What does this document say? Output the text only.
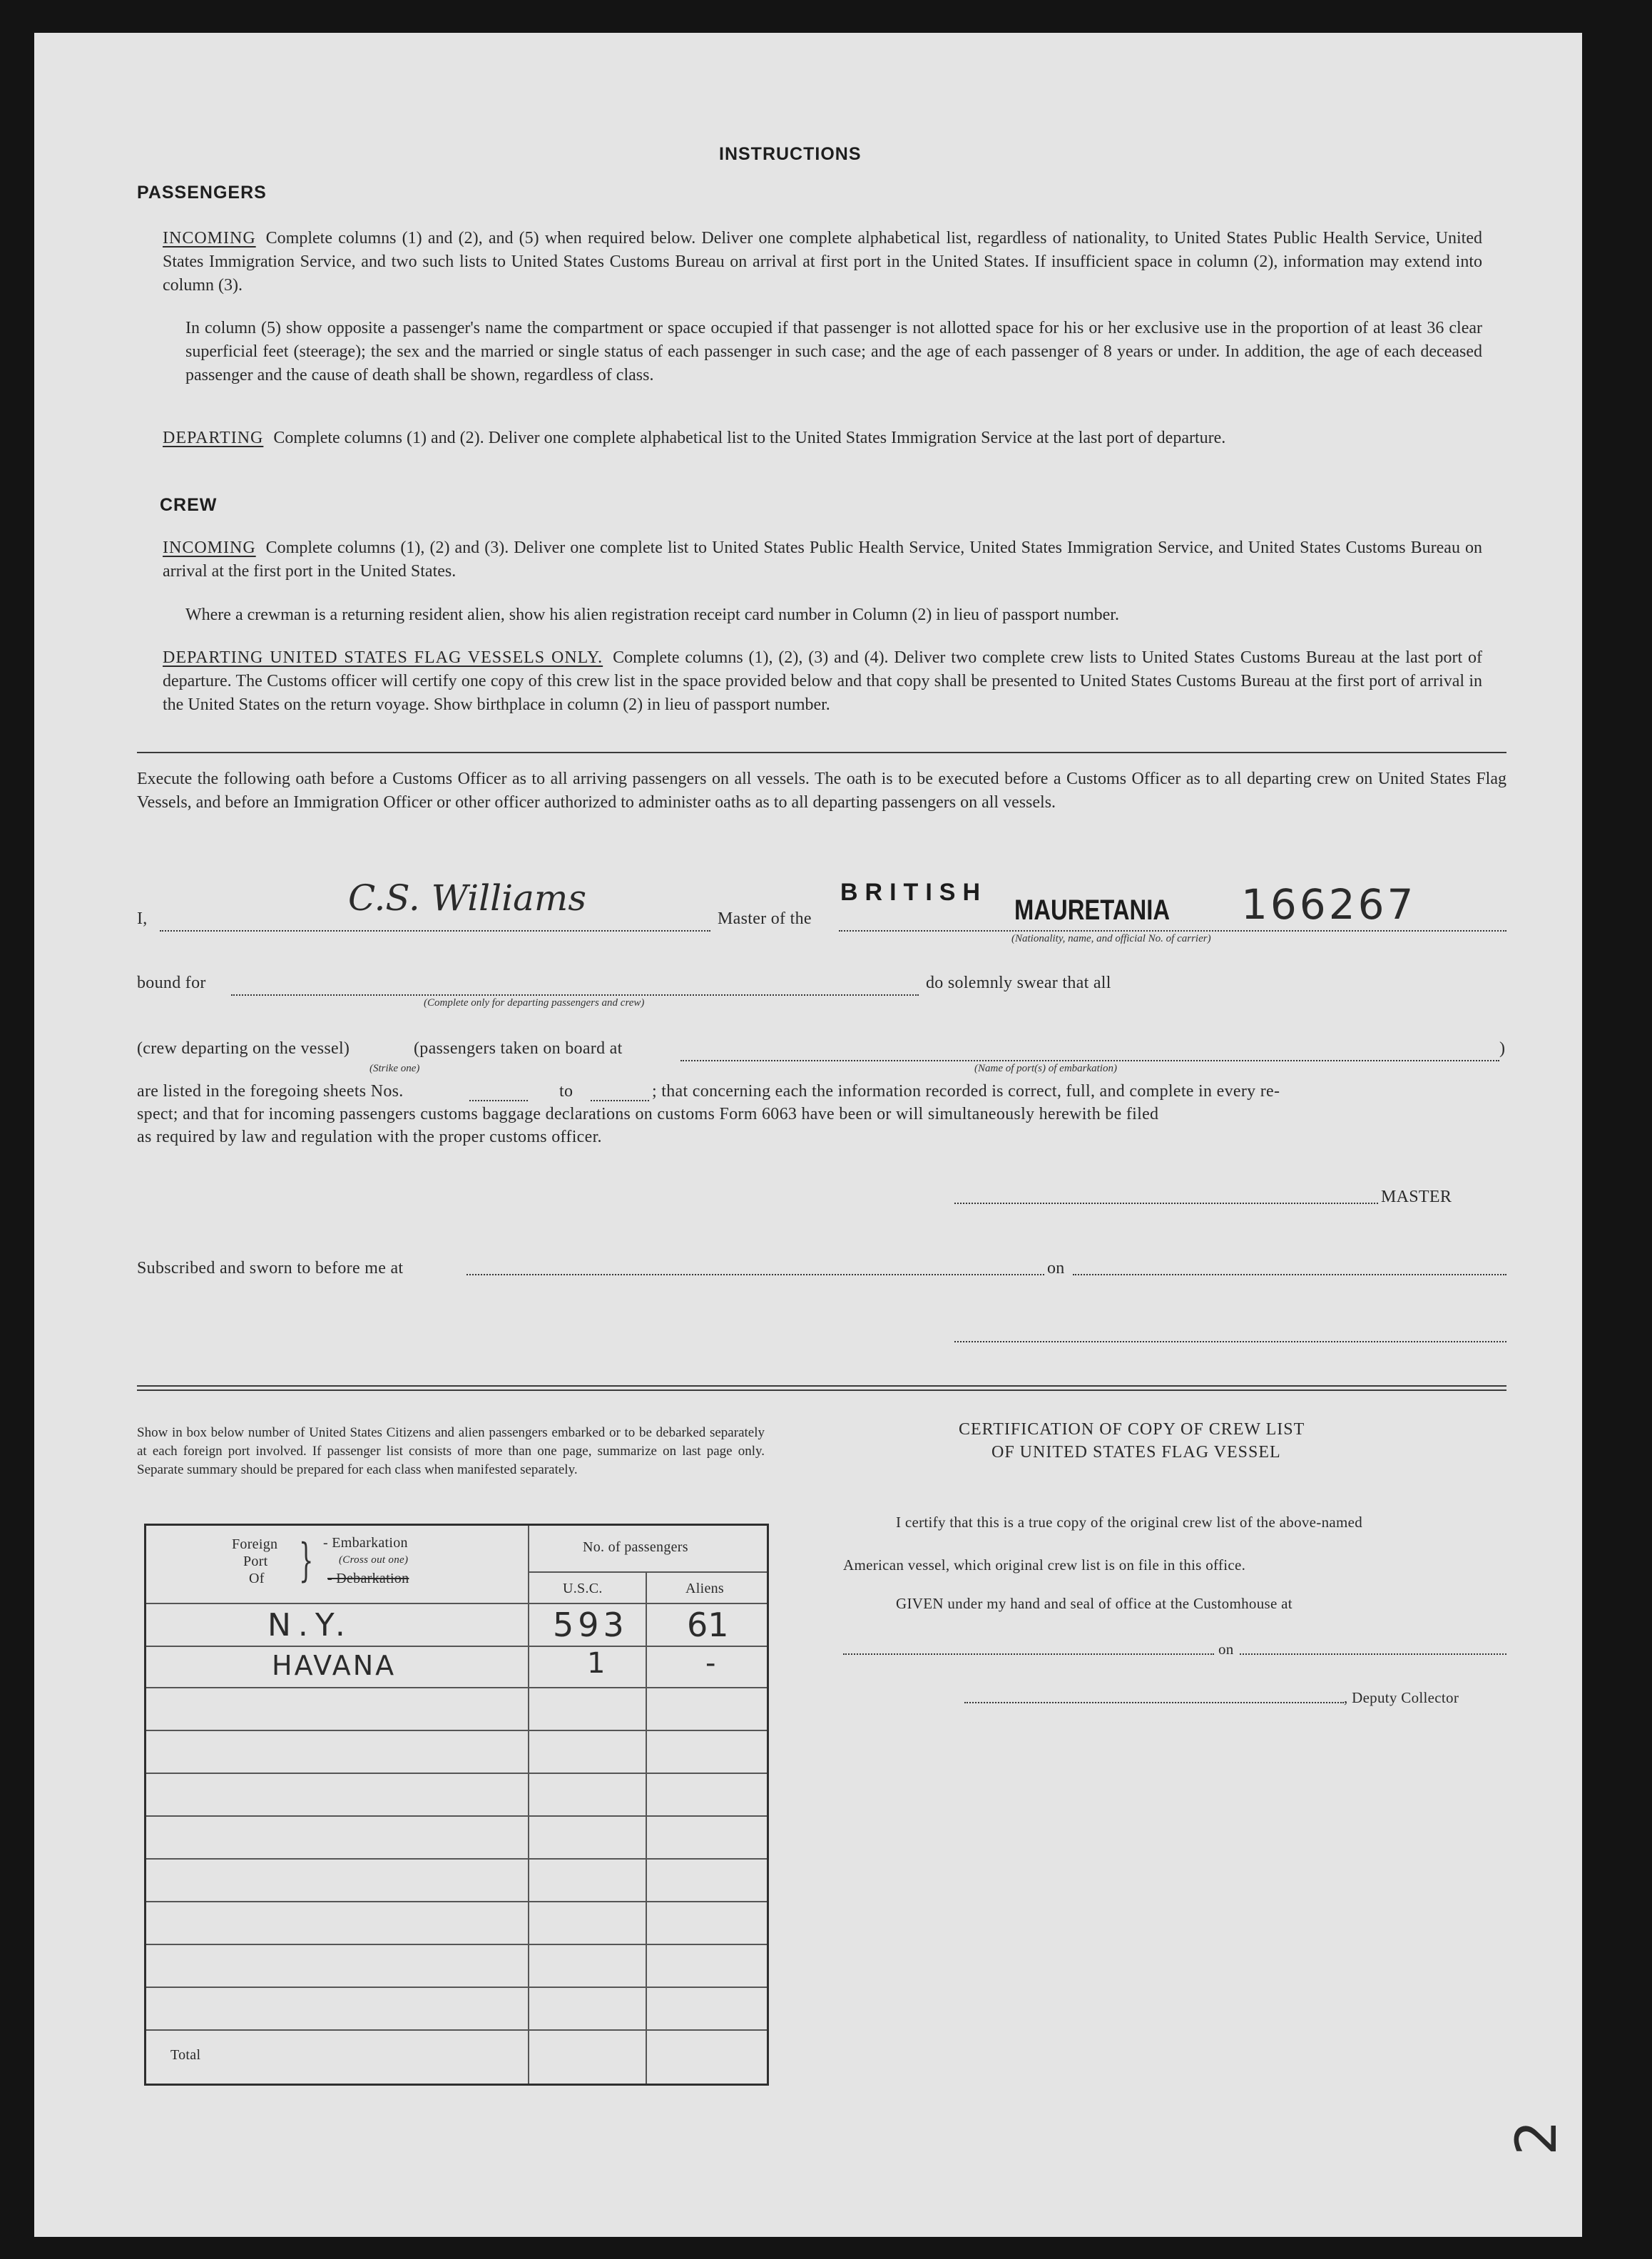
INSTRUCTIONS
PASSENGERS
INCOMING Complete columns (1) and (2), and (5) when required below. Deliver one complete alphabetical list, regardless of nationality, to United States Public Health Service, United States Immigration Service, and two such lists to United States Customs Bureau on arrival at first port in the United States. If insufficient space in column (2), information may extend into column (3).
In column (5) show opposite a passenger's name the compartment or space occupied if that passenger is not allotted space for his or her exclusive use in the proportion of at least 36 clear superficial feet (steerage); the sex and the married or single status of each passenger in such case; and the age of each passenger of 8 years or under. In addition, the age of each deceased passenger and the cause of death shall be shown, regardless of class.
DEPARTING Complete columns (1) and (2). Deliver one complete alphabetical list to the United States Immigration Service at the last port of departure.
CREW
INCOMING Complete columns (1), (2) and (3). Deliver one complete list to United States Public Health Service, United States Immigration Service, and United States Customs Bureau on arrival at the first port in the United States.
Where a crewman is a returning resident alien, show his alien registration receipt card number in Column (2) in lieu of passport number.
DEPARTING UNITED STATES FLAG VESSELS ONLY. Complete columns (1), (2), (3) and (4). Deliver two complete crew lists to United States Customs Bureau at the last port of departure. The Customs officer will certify one copy of this crew list in the space provided below and that copy shall be presented to United States Customs Bureau at the first port of arrival in the United States on the return voyage. Show birthplace in column (2) in lieu of passport number.
Execute the following oath before a Customs Officer as to all arriving passengers on all vessels. The oath is to be executed before a Customs Officer as to all departing crew on United States Flag Vessels, and before an Immigration Officer or other officer authorized to administer oaths as to all departing passengers on all vessels.
I,	C.S. Williams	Master of the
BRITISH
MAURETANIA 166267
(Nationality, name, and official No. of carrier)
bound for
(Complete only for departing passengers and crew)
do solemnly swear that all
(crew departing on the vessel)	(passengers taken on board at	)
(Strike one)	(Name of port(s) of embarkation)
are listed in the foregoing sheets Nos.	to	; that concerning each the information recorded is correct, full, and complete in every re-
spect; and that for incoming passengers customs baggage declarations on customs Form 6063 have been or will simultaneously herewith be filed
as required by law and regulation with the proper customs officer.
MASTER
Subscribed and sworn to before me at	on
Show in box below number of United States Citizens and alien passengers embarked or to be debarked separately at each foreign port involved. If passenger list consists of more than one page, summarize on last page only. Separate summary should be prepared for each class when manifested separately.
Foreign
Port
Of } - Embarkation
(Cross out one)
- Debarkation
No. of passengers
U.S.C.	Aliens
N.Y.	593 61
HAVANA	1	-
Total
CERTIFICATION OF COPY OF CREW LIST
OF UNITED STATES FLAG VESSEL
I certify that this is a true copy of the original crew list of the above-named
American vessel, which original crew list is on file in this office.
GIVEN under my hand and seal of office at the Customhouse at
on
, Deputy Collector
2
